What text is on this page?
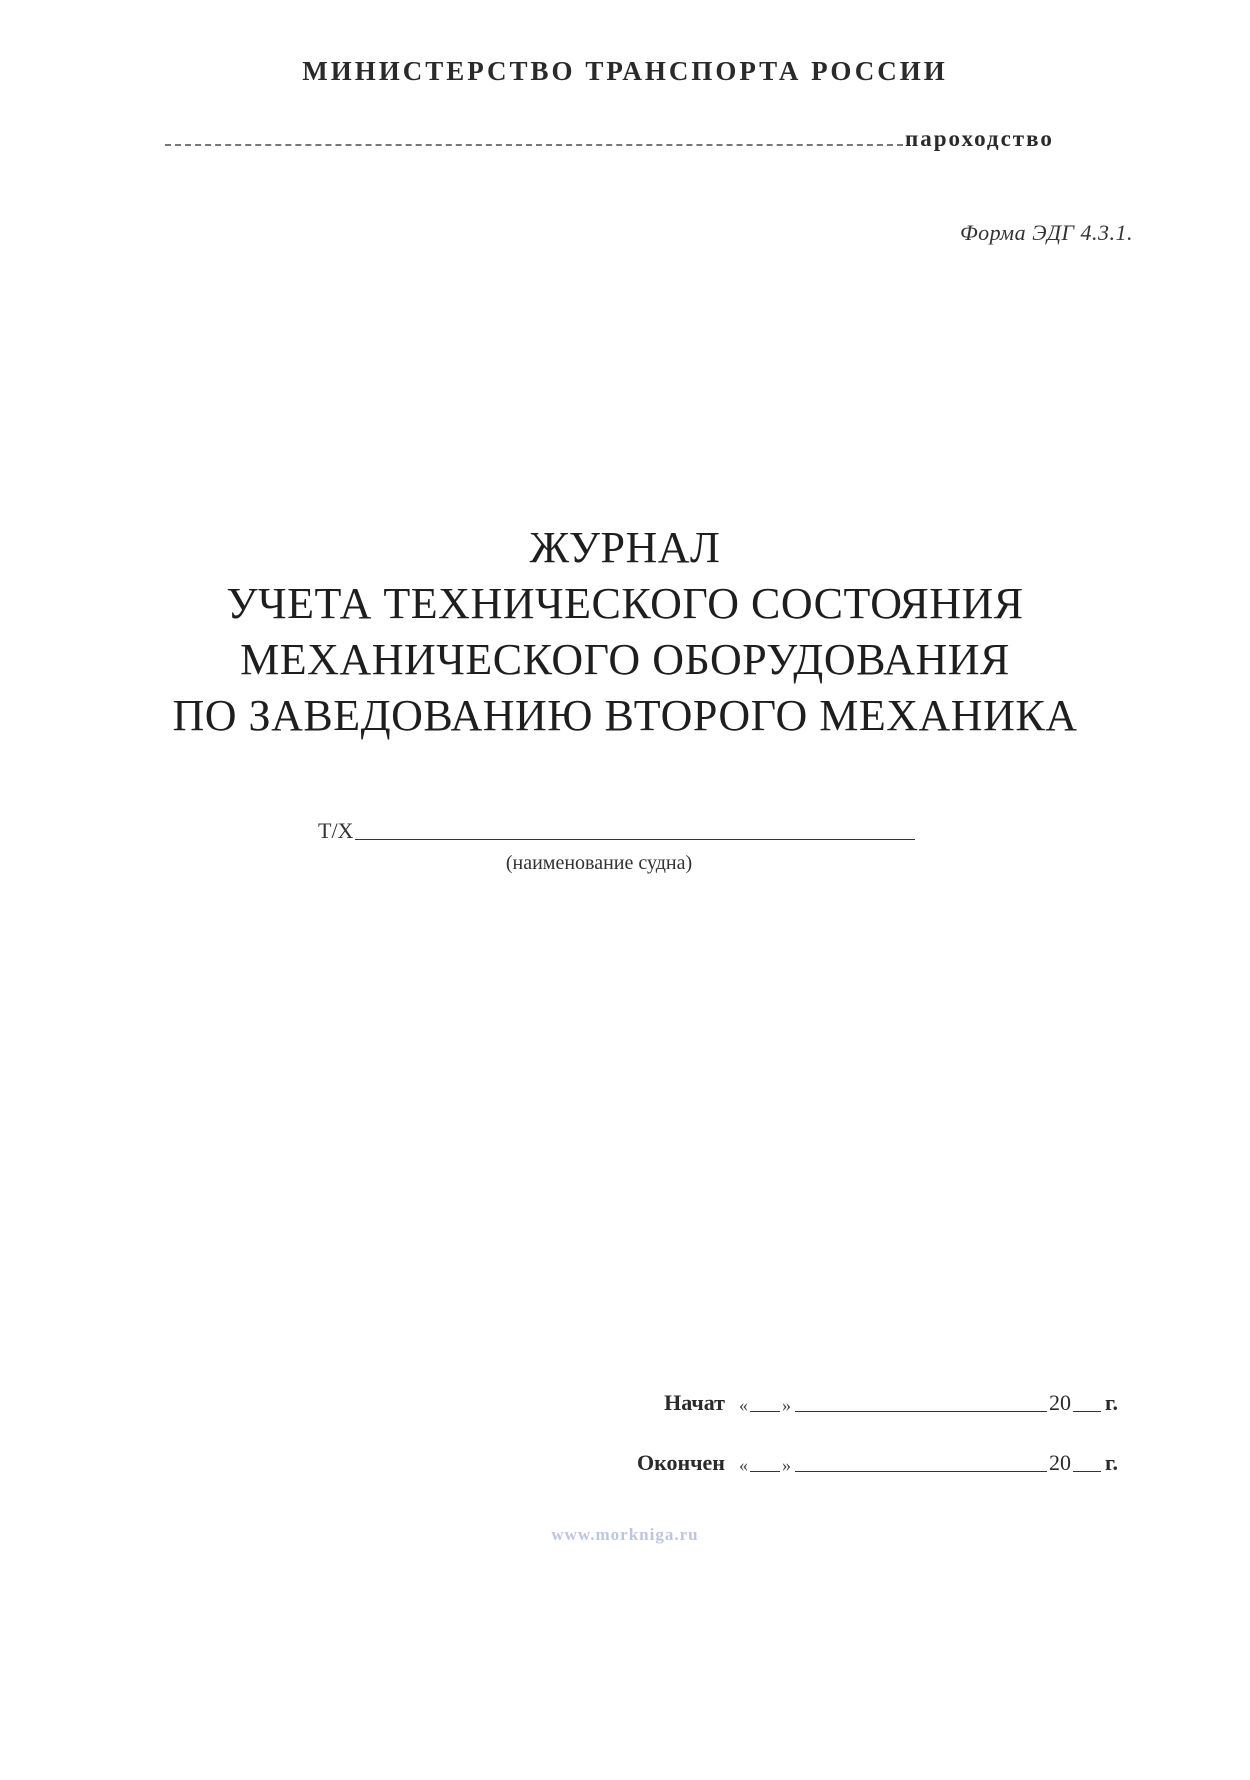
МИНИСТЕРСТВО ТРАНСПОРТА РОССИИ
пароходство
Форма ЭДГ 4.3.1.
ЖУРНАЛ
УЧЕТА ТЕХНИЧЕСКОГО СОСТОЯНИЯ
МЕХАНИЧЕСКОГО ОБОРУДОВАНИЯ
ПО ЗАВЕДОВАНИЮ ВТОРОГО МЕХАНИКА
Т/Х
(наименование судна)
Начат « »	20 г.
Окончен « »	20 г.
www.morkniga.ru
